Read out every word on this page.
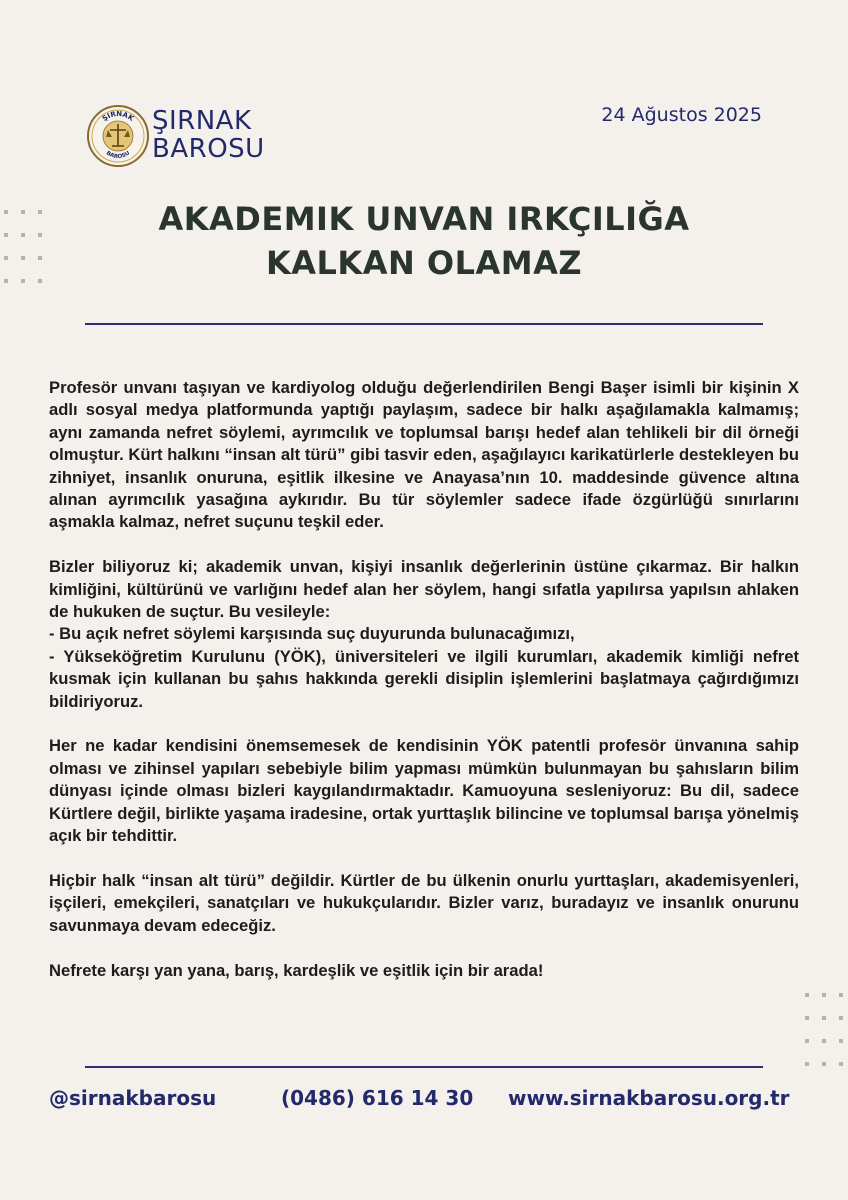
ŞIRNAK
BAROSU
ŞIRNAK
BAROSU
24 Ağustos 2025
AKADEMIK UNVAN IRKÇILIĞA
KALKAN OLAMAZ

Profesör unvanı taşıyan ve kardiyolog olduğu değerlendirilen Bengi Başer isimli bir kişinin X adlı sosyal medya platformunda yaptığı paylaşım, sadece bir halkı aşağılamakla kalmamış; aynı zamanda nefret söylemi, ayrımcılık ve toplumsal barışı hedef alan tehlikeli bir dil örneği olmuştur. Kürt halkını “insan alt türü” gibi tasvir eden, aşağılayıcı karikatürlerle destekleyen bu zihniyet, insanlık onuruna, eşitlik ilkesine ve Anayasa’nın 10. maddesinde güvence altına alınan ayrımcılık yasağına aykırıdır. Bu tür söylemler sadece ifade özgürlüğü sınırlarını aşmakla kalmaz, nefret suçunu teşkil eder.

Bizler biliyoruz ki; akademik unvan, kişiyi insanlık değerlerinin üstüne çıkarmaz. Bir halkın kimliğini, kültürünü ve varlığını hedef alan her söylem, hangi sıfatla yapılırsa yapılsın ahlaken de hukuken de suçtur. Bu vesileyle:
- Bu açık nefret söylemi karşısında suç duyurunda bulunacağımızı,
- Yükseköğretim Kurulunu (YÖK), üniversiteleri ve ilgili kurumları, akademik kimliği nefret kusmak için kullanan bu şahıs hakkında gerekli disiplin işlemlerini başlatmaya çağırdığımızı bildiriyoruz.

Her ne kadar kendisini önemsemesek de kendisinin YÖK patentli profesör ünvanına sahip olması ve zihinsel yapıları sebebiyle bilim yapması mümkün bulunmayan bu şahısların bilim dünyası içinde olması bizleri kaygılandırmaktadır. Kamuoyuna sesleniyoruz: Bu dil, sadece Kürtlere değil, birlikte yaşama iradesine, ortak yurttaşlık bilincine ve toplumsal barışa yönelmiş açık bir tehdittir.

Hiçbir halk “insan alt türü” değildir. Kürtler de bu ülkenin onurlu yurttaşları, akademisyenleri, işçileri, emekçileri, sanatçıları ve hukukçularıdır. Bizler varız, buradayız ve insanlık onurunu savunmaya devam edeceğiz.

Nefrete karşı yan yana, barış, kardeşlik ve eşitlik için bir arada!

@sirnakbarosu	(0486) 616 14 30 www.sirnakbarosu.org.tr
